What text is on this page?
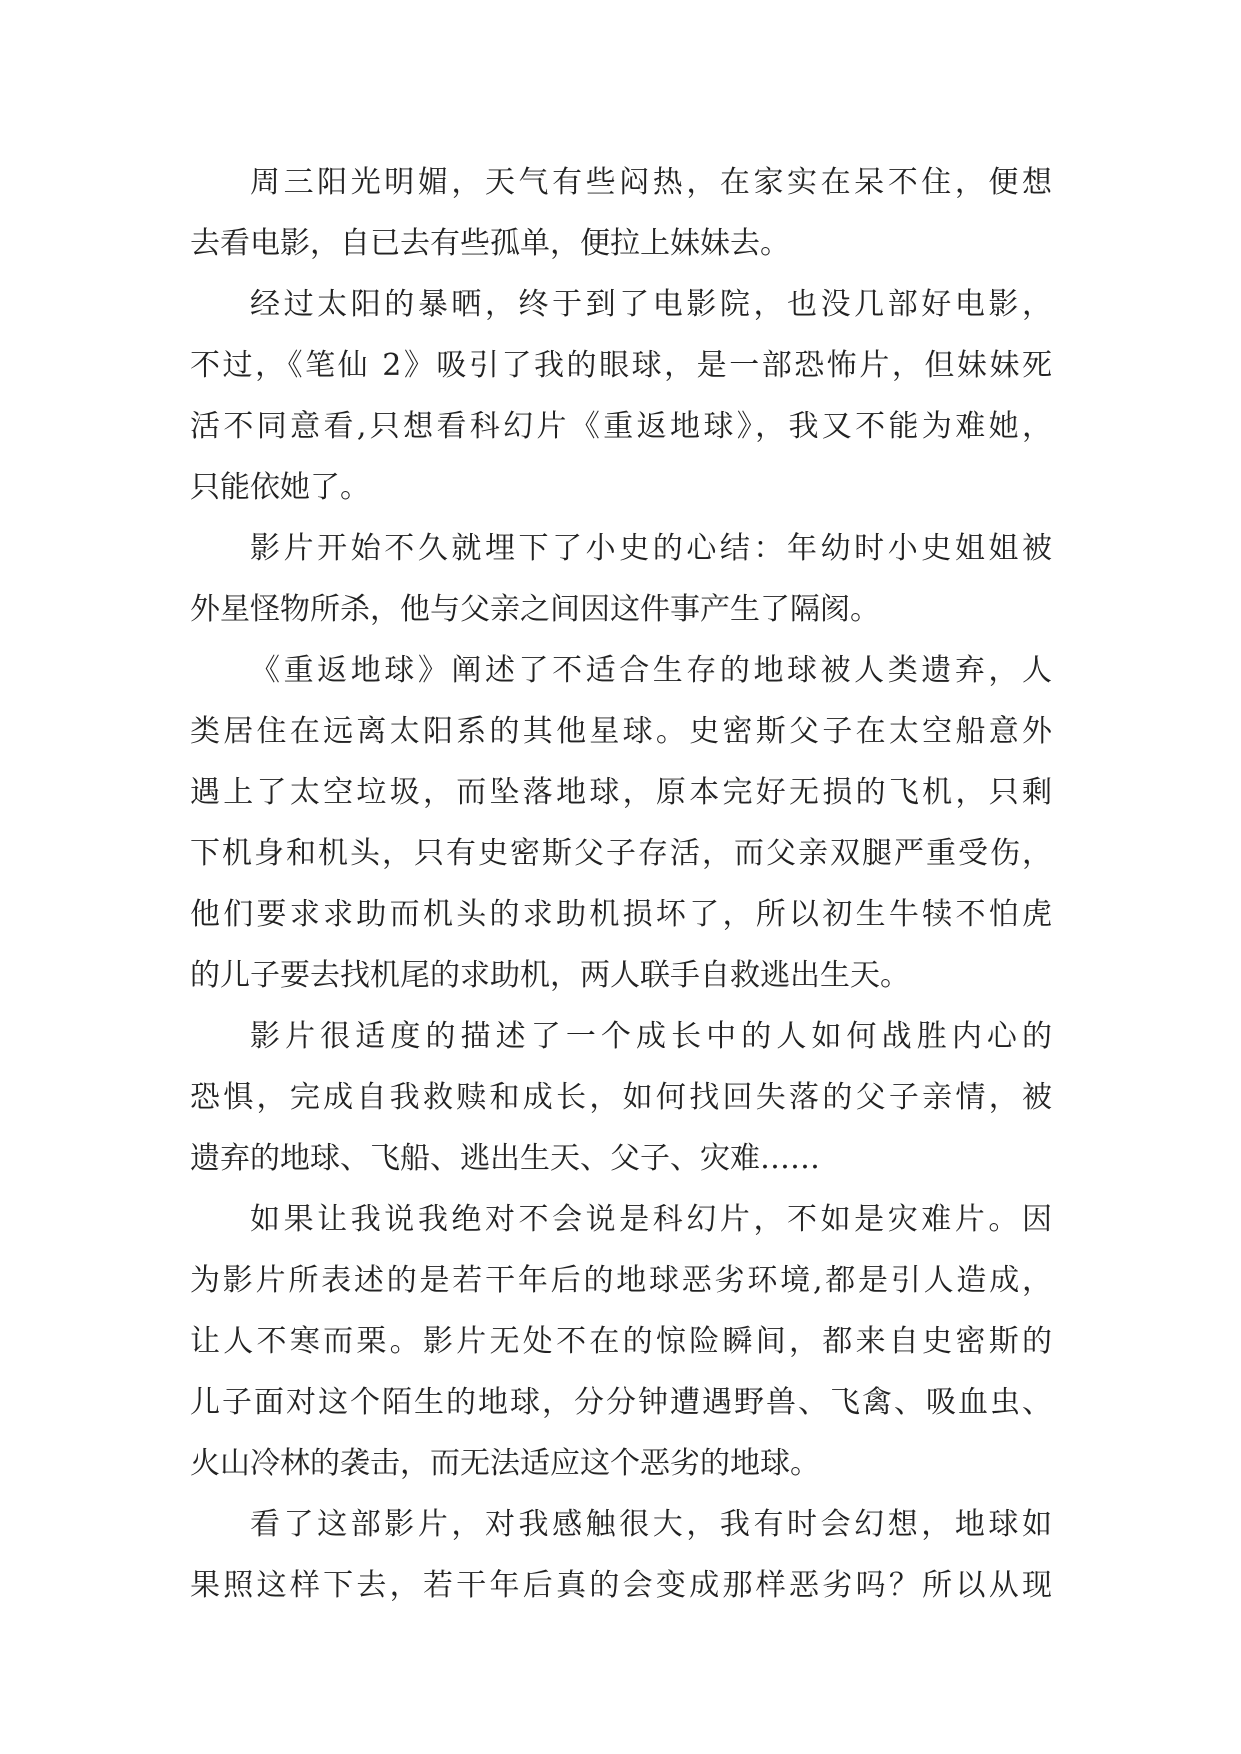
周三阳光明媚，天气有些闷热，在家实在呆不住，便想
去看电影，自已去有些孤单，便拉上妹妹去。
经过太阳的暴晒，终于到了电影院，也没几部好电影，
不过，《笔仙 2》吸引了我的眼球，是一部恐怖片，但妹妹死
活不同意看,只想看科幻片《重返地球》，我又不能为难她，
只能依她了。
影片开始不久就埋下了小史的心结：年幼时小史姐姐被
外星怪物所杀，他与父亲之间因这件事产生了隔阂。
《重返地球》阐述了不适合生存的地球被人类遗弃，人
类居住在远离太阳系的其他星球。史密斯父子在太空船意外
遇上了太空垃圾，而坠落地球，原本完好无损的飞机，只剩
下机身和机头，只有史密斯父子存活，而父亲双腿严重受伤，
他们要求求助而机头的求助机损坏了，所以初生牛犊不怕虎
的儿子要去找机尾的求助机，两人联手自救逃出生天。
影片很适度的描述了一个成长中的人如何战胜内心的
恐惧，完成自我救赎和成长，如何找回失落的父子亲情，被
遗弃的地球、飞船、逃出生天、父子、灾难……
如果让我说我绝对不会说是科幻片，不如是灾难片。因
为影片所表述的是若干年后的地球恶劣环境,都是引人造成，
让人不寒而栗。影片无处不在的惊险瞬间，都来自史密斯的
儿子面对这个陌生的地球，分分钟遭遇野兽、飞禽、吸血虫、
火山冷林的袭击，而无法适应这个恶劣的地球。
看了这部影片，对我感触很大，我有时会幻想，地球如
果照这样下去，若干年后真的会变成那样恶劣吗？所以从现
